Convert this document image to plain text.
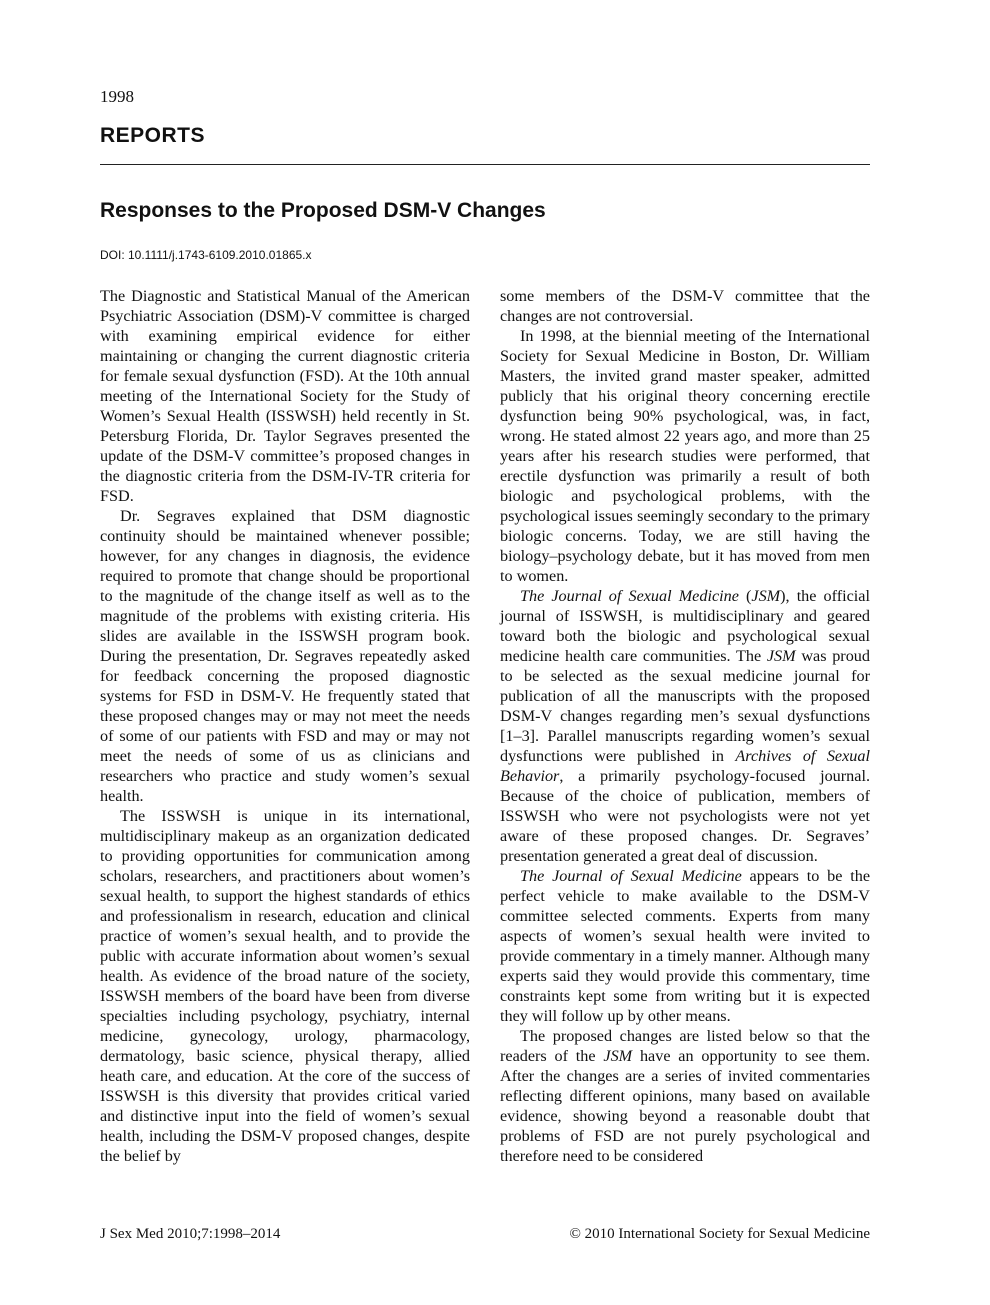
1998
REPORTS
Responses to the Proposed DSM-V Changes
DOI: 10.1111/j.1743-6109.2010.01865.x

The Diagnostic and Statistical Manual of the American Psychiatric Association (DSM)-V committee is charged with examining empirical evidence for either maintaining or changing the current diagnostic criteria for female sexual dysfunction (FSD). At the 10th annual meeting of the International Society for the Study of Women’s Sexual Health (ISSWSH) held recently in St. Petersburg Florida, Dr. Taylor Segraves presented the update of the DSM-V committee’s proposed changes in the diagnostic criteria from the DSM-IV-TR criteria for FSD.

Dr. Segraves explained that DSM diagnostic continuity should be maintained whenever possible; however, for any changes in diagnosis, the evidence required to promote that change should be proportional to the magnitude of the change itself as well as to the magnitude of the problems with existing criteria. His slides are available in the ISSWSH program book. During the presentation, Dr. Segraves repeatedly asked for feedback concerning the proposed diagnostic systems for FSD in DSM-V. He frequently stated that these proposed changes may or may not meet the needs of some of our patients with FSD and may or may not meet the needs of some of us as clinicians and researchers who practice and study women’s sexual health.

The ISSWSH is unique in its international, multidisciplinary makeup as an organization dedicated to providing opportunities for communication among scholars, researchers, and practitioners about women’s sexual health, to support the highest standards of ethics and professionalism in research, education and clinical practice of women’s sexual health, and to provide the public with accurate information about women’s sexual health. As evidence of the broad nature of the society, ISSWSH members of the board have been from diverse specialties including psychology, psychiatry, internal medicine, gynecology, urology, pharmacology, dermatology, basic science, physical therapy, allied heath care, and education. At the core of the success of ISSWSH is this diversity that provides critical varied and distinctive input into the field of women’s sexual health, including the DSM-V proposed changes, despite the belief by

some members of the DSM-V committee that the changes are not controversial.

In 1998, at the biennial meeting of the International Society for Sexual Medicine in Boston, Dr. William Masters, the invited grand master speaker, admitted publicly that his original theory concerning erectile dysfunction being 90% psychological, was, in fact, wrong. He stated almost 22 years ago, and more than 25 years after his research studies were performed, that erectile dysfunction was primarily a result of both biologic and psychological problems, with the psychological issues seemingly secondary to the primary biologic concerns. Today, we are still having the biology–psychology debate, but it has moved from men to women.

The Journal of Sexual Medicine (JSM), the official journal of ISSWSH, is multidisciplinary and geared toward both the biologic and psychological sexual medicine health care communities. The JSM was proud to be selected as the sexual medicine journal for publication of all the manuscripts with the proposed DSM-V changes regarding men’s sexual dysfunctions [1–3]. Parallel manuscripts regarding women’s sexual dysfunctions were published in Archives of Sexual Behavior, a primarily psychology-focused journal. Because of the choice of publication, members of ISSWSH who were not psychologists were not yet aware of these proposed changes. Dr. Segraves’ presentation generated a great deal of discussion.

The Journal of Sexual Medicine appears to be the perfect vehicle to make available to the DSM-V committee selected comments. Experts from many aspects of women’s sexual health were invited to provide commentary in a timely manner. Although many experts said they would provide this commentary, time constraints kept some from writing but it is expected they will follow up by other means.

The proposed changes are listed below so that the readers of the JSM have an opportunity to see them. After the changes are a series of invited commentaries reflecting different opinions, many based on available evidence, showing beyond a reasonable doubt that problems of FSD are not purely psychological and therefore need to be considered

J Sex Med 2010;7:1998–2014	© 2010 International Society for Sexual Medicine
